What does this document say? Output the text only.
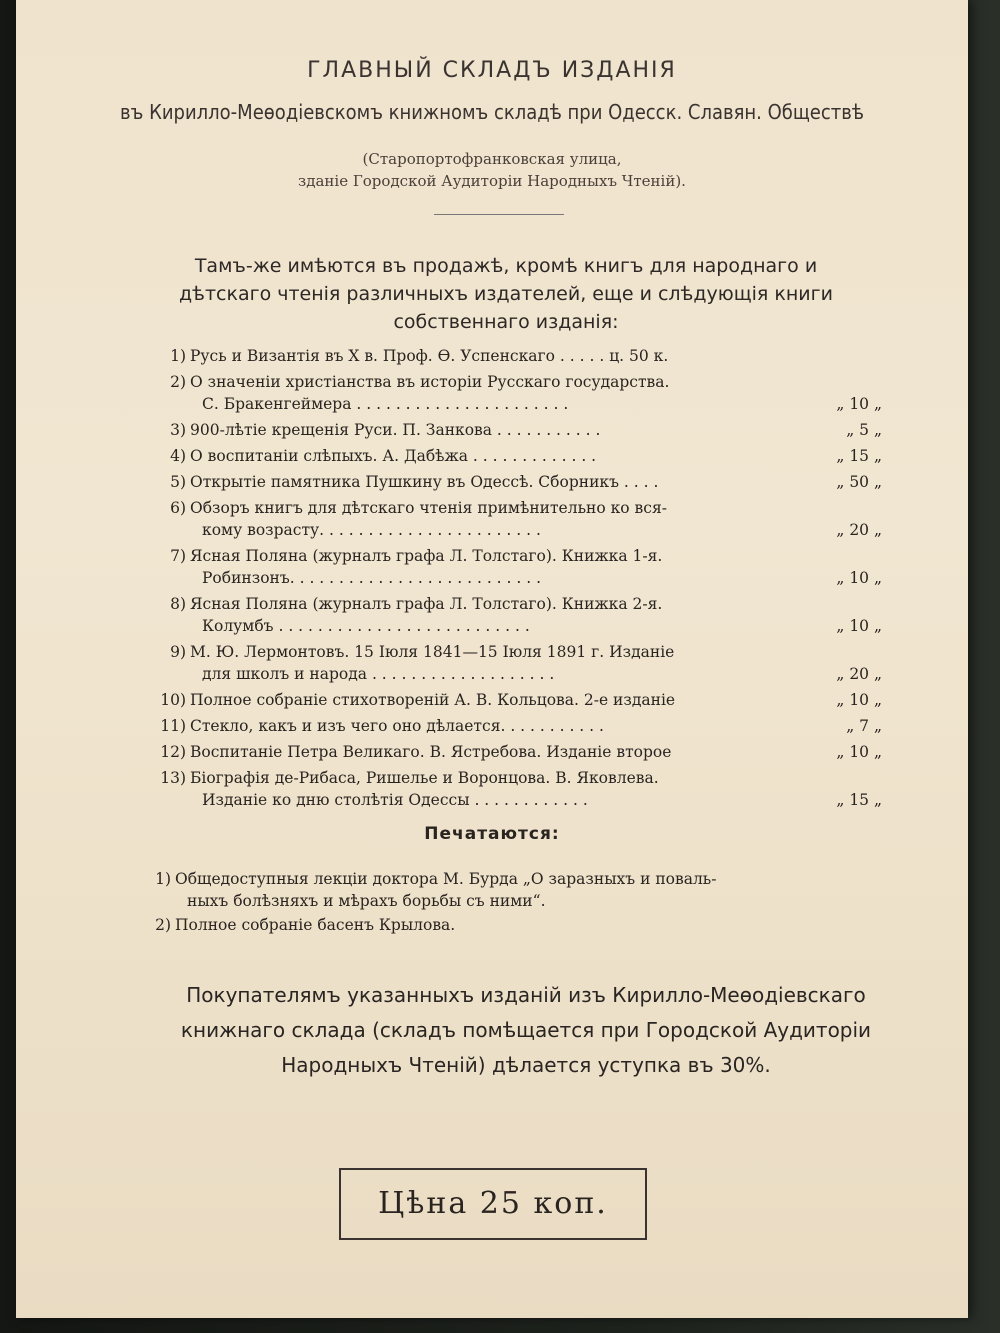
ГЛАВНЫЙ СКЛАДЪ ИЗДАНІЯ
въ Кирилло-Меѳодіевскомъ книжномъ складѣ при Одесск. Славян. Обществѣ
(Старопортофранковская улица,
зданіе Городской Аудиторіи Народныхъ Чтеній).
Тамъ-же имѣются въ продажѣ, кромѣ книгъ для народнаго и
дѣтскаго чтенія различныхъ издателей, еще и слѣдующія книги
собственнаго изданія:
1) Русь и Византія въ X в. Проф. Ѳ. Успенскаго . . . . . ц. 50 к.
2) О значеніи христіанства въ исторіи Русскаго государства.
С. Бракенгеймера . . . . . . . . . . . . . . . . . . . . . .	„ 10 „
3) 900-лѣтіе крещенія Руси. П. Занкова . . . . . . . . . . .	„ 5 „
4) О воспитаніи слѣпыхъ. А. Дабѣжа . . . . . . . . . . . . .	„ 15 „
5) Открытіе памятника Пушкину въ Одессѣ. Сборникъ . . . .	„ 50 „
6) Обзоръ книгъ для дѣтскаго чтенія примѣнительно ко вся-
кому возрасту. . . . . . . . . . . . . . . . . . . . . . .	„ 20 „
7) Ясная Поляна (журналъ графа Л. Толстаго). Книжка 1-я.
Робинзонъ. . . . . . . . . . . . . . . . . . . . . . . . . .	„ 10 „
8) Ясная Поляна (журналъ графа Л. Толстаго). Книжка 2-я.
Колумбъ . . . . . . . . . . . . . . . . . . . . . . . . . .	„ 10 „
9) М. Ю. Лермонтовъ. 15 Іюля 1841—15 Іюля 1891 г. Изданіе
для школъ и народа . . . . . . . . . . . . . . . . . . .	„ 20 „
10) Полное собраніе стихотвореній А. В. Кольцова. 2-е изданіе	„ 10 „
11) Стекло, какъ и изъ чего оно дѣлается. . . . . . . . . . .	„ 7 „
12) Воспитаніе Петра Великаго. В. Ястребова. Изданіе второе	„ 10 „
13) Біографія де-Рибаса, Ришелье и Воронцова. В. Яковлева.
Изданіе ко дню столѣтія Одессы . . . . . . . . . . . .	„ 15 „
Печатаются:
1) Общедоступныя лекціи доктора М. Бурда „О заразныхъ и поваль-
ныхъ болѣзняхъ и мѣрахъ борьбы съ ними“.
2) Полное собраніе басенъ Крылова.
Покупателямъ указанныхъ изданій изъ Кирилло-Меѳодіевскаго
книжнаго склада (складъ помѣщается при Городской Аудиторіи
Народныхъ Чтеній) дѣлается уступка въ 30%.
Цѣна 25 коп.
